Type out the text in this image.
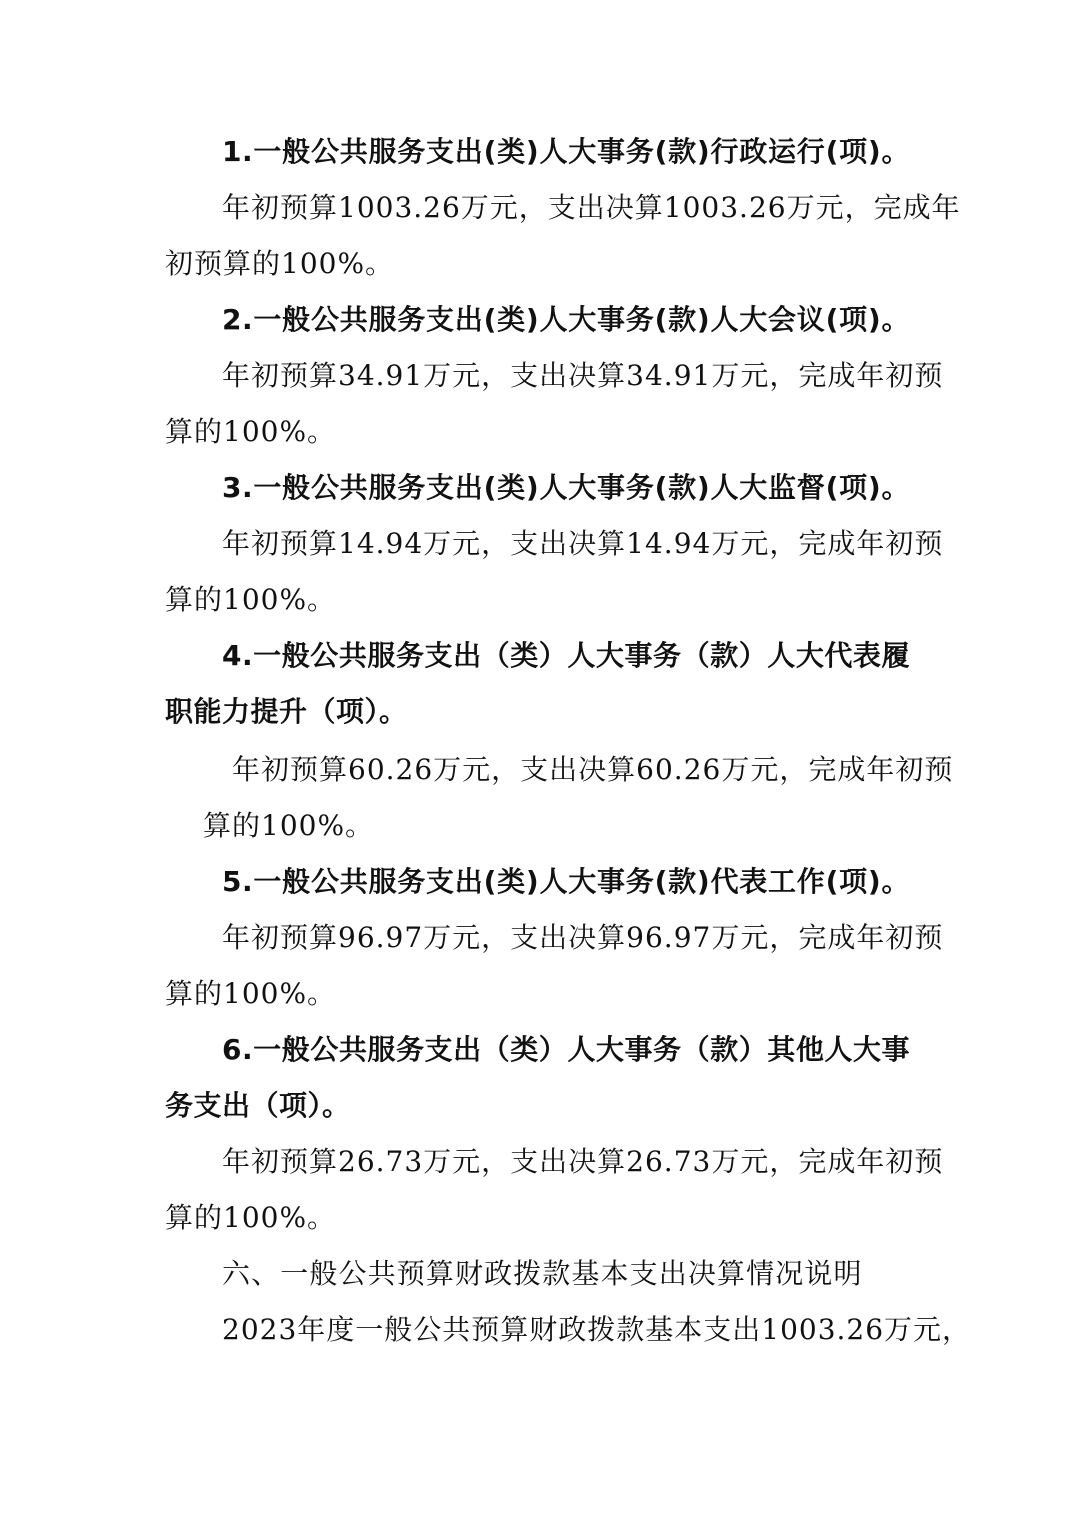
1.一般公共服务支出(类)人大事务(款)行政运行(项)。
年初预算1003.26万元，支出决算1003.26万元，完成年
初预算的100%。
2.一般公共服务支出(类)人大事务(款)人大会议(项)。
年初预算34.91万元，支出决算34.91万元，完成年初预
算的100%。
3.一般公共服务支出(类)人大事务(款)人大监督(项)。
年初预算14.94万元，支出决算14.94万元，完成年初预
算的100%。
4.一般公共服务支出（类）人大事务（款）人大代表履
职能力提升（项）。
年初预算60.26万元，支出决算60.26万元，完成年初预
算的100%。
5.一般公共服务支出(类)人大事务(款)代表工作(项)。
年初预算96.97万元，支出决算96.97万元，完成年初预
算的100%。
6.一般公共服务支出（类）人大事务（款）其他人大事
务支出（项）。
年初预算26.73万元，支出决算26.73万元，完成年初预
算的100%。
六、一般公共预算财政拨款基本支出决算情况说明
2023年度一般公共预算财政拨款基本支出1003.26万元，
